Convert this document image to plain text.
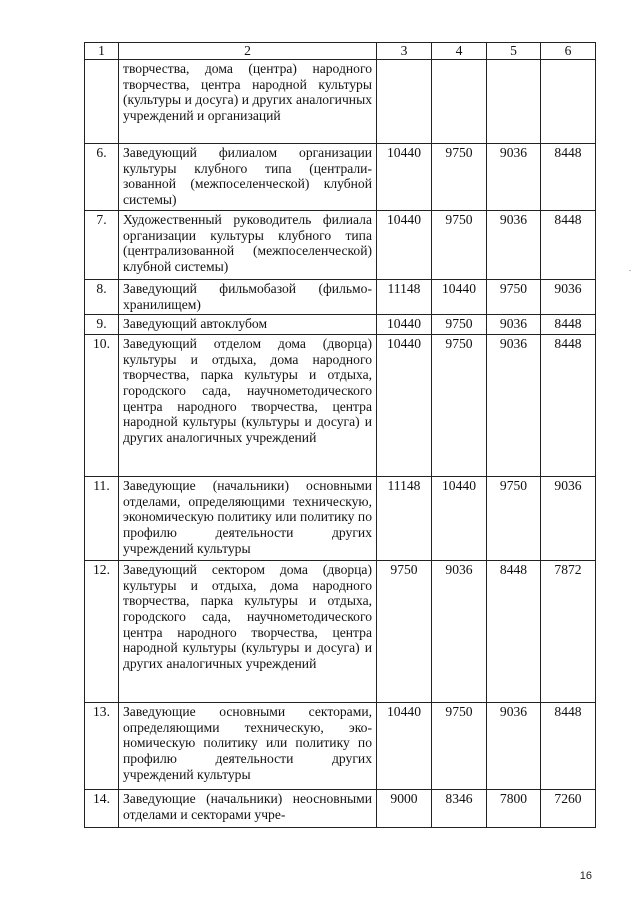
1	2	3	4	5	6
	творчества, дома (центра) народного творчества, центра народной культуры (культуры и досуга) и других аналогичных учреждений и организаций				
6.	Заведующий филиалом организации культуры клубного типа (централизованной (межпоселенческой) клубной системы)	10440	9750	9036	8448
7.	Художественный руководитель филиала организации культуры клубного типа (централизованной (межпоселенческой) клубной системы)	10440	9750	9036	8448
8.	Заведующий фильмобазой (фильмохранилищем)	11148	10440	9750	9036
9.	Заведующий автоклубом	10440	9750	9036	8448
10.	Заведующий отделом дома (дворца) культуры и отдыха, дома народного творчества, парка культуры и отдыха, городского сада, научнометодического центра народного творчества, центра народной культуры (культуры и досуга) и других аналогичных учреждений	10440	9750	9036	8448
11.	Заведующие (начальники) основными отделами, определяющими техническую, экономическую политику или политику по профилю деятельности других учреждений культуры	11148	10440	9750	9036
12.	Заведующий сектором дома (дворца) культуры и отдыха, дома народного творчества, парка культуры и отдыха, городского сада, научнометодического центра народного творчества, центра народной культуры (культуры и досуга) и других аналогичных учреждений	9750	9036	8448	7872
13.	Заведующие основными секторами, определяющими техническую, экономическую политику или политику по профилю деятельности других учреждений культуры	10440	9750	9036	8448
14.	Заведующие (начальники) неосновными отделами и секторами учре-	9000	8346	7800	7260
16
